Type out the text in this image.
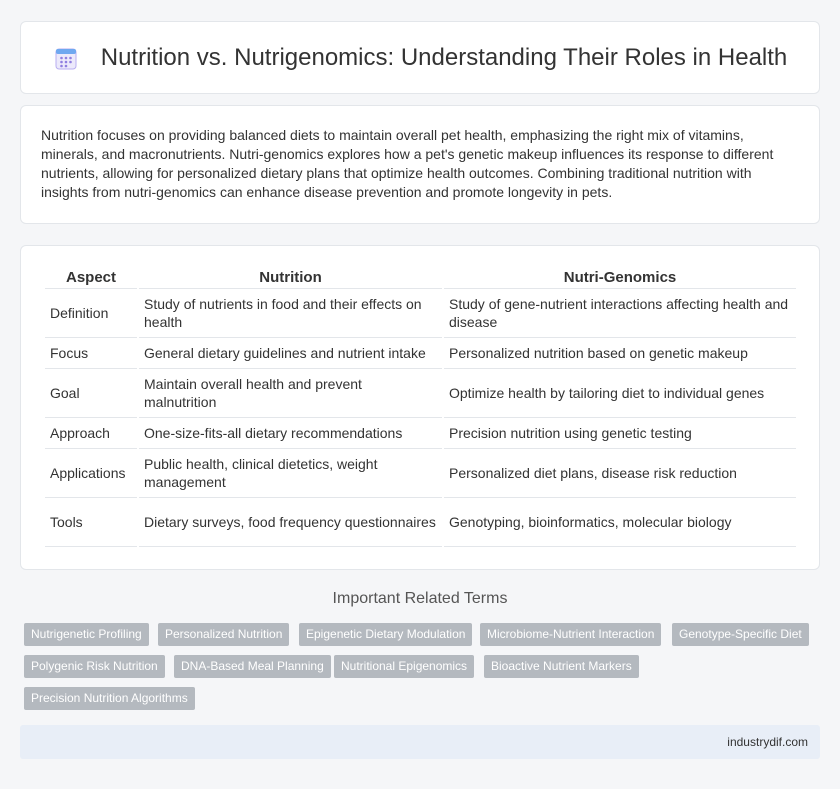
Nutrition vs. Nutrigenomics: Understanding Their Roles in Health

Nutrition focuses on providing balanced diets to maintain overall pet health, emphasizing the right mix of vitamins, minerals, and macronutrients. Nutri-genomics explores how a pet's genetic makeup influences its response to different nutrients, allowing for personalized dietary plans that optimize health outcomes. Combining traditional nutrition with insights from nutri-genomics can enhance disease prevention and promote longevity in pets.

Aspect	Nutrition	Nutri-Genomics
Definition	Study of nutrients in food and their effects on health	Study of gene-nutrient interactions affecting health and disease
Focus	General dietary guidelines and nutrient intake	Personalized nutrition based on genetic makeup
Goal	Maintain overall health and prevent malnutrition	Optimize health by tailoring diet to individual genes
Approach	One-size-fits-all dietary recommendations	Precision nutrition using genetic testing
Applications	Public health, clinical dietetics, weight management	Personalized diet plans, disease risk reduction
Tools	Dietary surveys, food frequency questionnaires	Genotyping, bioinformatics, molecular biology
Important Related Terms
Nutrigenetic Profiling	Personalized Nutrition	Epigenetic Dietary Modulation	Microbiome-Nutrient Interaction	Genotype-Specific Diet
Polygenic Risk Nutrition	DNA-Based Meal Planning	Nutritional Epigenomics	Bioactive Nutrient Markers
Precision Nutrition Algorithms
industrydif.com
